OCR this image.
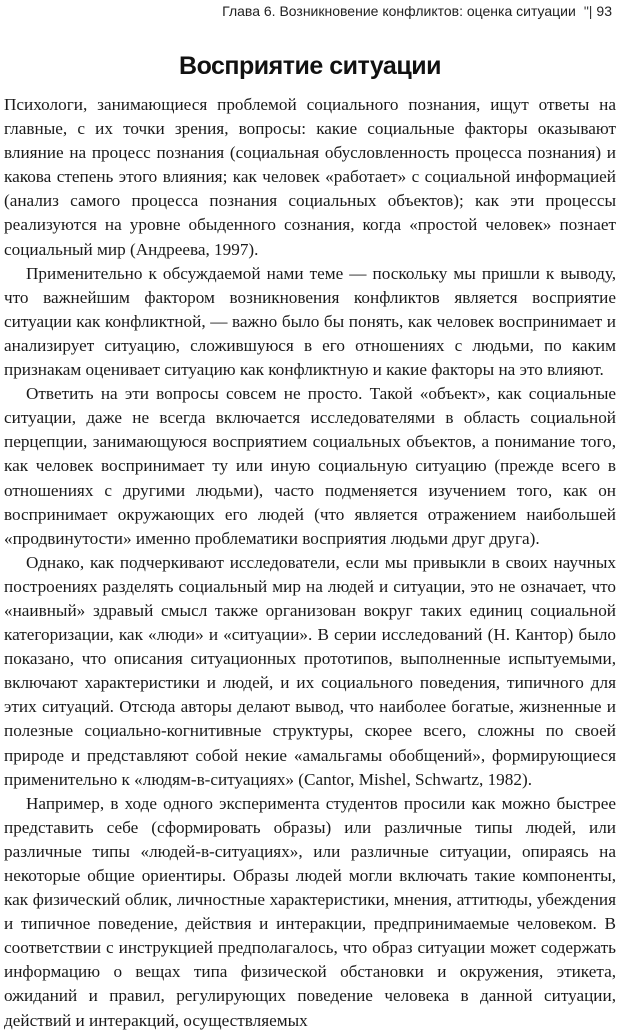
Глава 6. Возникновение конфликтов: оценка ситуации "| 93
Восприятие ситуации

Психологи, занимающиеся проблемой социального познания, ищут ответы на главные, с их точки зрения, вопросы: какие социальные факторы оказывают влияние на процесс познания (социальная обусловленность процесса познания) и какова степень этого влияния; как человек «работает» с социальной информацией (анализ самого процесса познания социальных объектов); как эти процессы реализуются на уровне обыденного сознания, когда «простой человек» познает социальный мир (Андреева, 1997).

Применительно к обсуждаемой нами теме — поскольку мы пришли к выводу, что важнейшим фактором возникновения конфликтов является восприятие ситуации как конфликтной, — важно было бы понять, как человек воспринимает и анализирует ситуацию, сложившуюся в его отношениях с людьми, по каким признакам оценивает ситуацию как конфликтную и какие факторы на это влияют.

Ответить на эти вопросы совсем не просто. Такой «объект», как социальные ситуации, даже не всегда включается исследователями в область социальной перцепции, занимающуюся восприятием социальных объектов, а понимание того, как человек воспринимает ту или иную социальную ситуацию (прежде всего в отношениях с другими людьми), часто подменяется изучением того, как он воспринимает окружающих его людей (что является отражением наибольшей «продвинутости» именно проблематики восприятия людьми друг друга).

Однако, как подчеркивают исследователи, если мы привыкли в своих научных построениях разделять социальный мир на людей и ситуации, это не означает, что «наивный» здравый смысл также организован вокруг таких единиц социальной категоризации, как «люди» и «ситуации». В серии исследований (Н. Кантор) было показано, что описания ситуационных прототипов, выполненные испытуемыми, включают характеристики и людей, и их социального поведения, типичного для этих ситуаций. Отсюда авторы делают вывод, что наиболее богатые, жизненные и полезные социально-когнитивные структуры, скорее всего, сложны по своей природе и представляют собой некие «амальгамы обобщений», формирующиеся применительно к «людям-в-ситуациях» (Cantor, Mishel, Schwartz, 1982).

Например, в ходе одного эксперимента студентов просили как можно быстрее представить себе (сформировать образы) или различные типы людей, или различные типы «людей-в-ситуациях», или различные ситуации, опираясь на некоторые общие ориентиры. Образы людей могли включать такие компоненты, как физический облик, личностные характеристики, мнения, аттитюды, убеждения и типичное поведение, действия и интеракции, предпринимаемые человеком. В соответствии с инструкцией предполагалось, что образ ситуации может содержать информацию о вещах типа физической обстановки и окружения, этикета, ожиданий и правил, регулирующих поведение человека в данной ситуации, действий и интеракций, осуществляемых
